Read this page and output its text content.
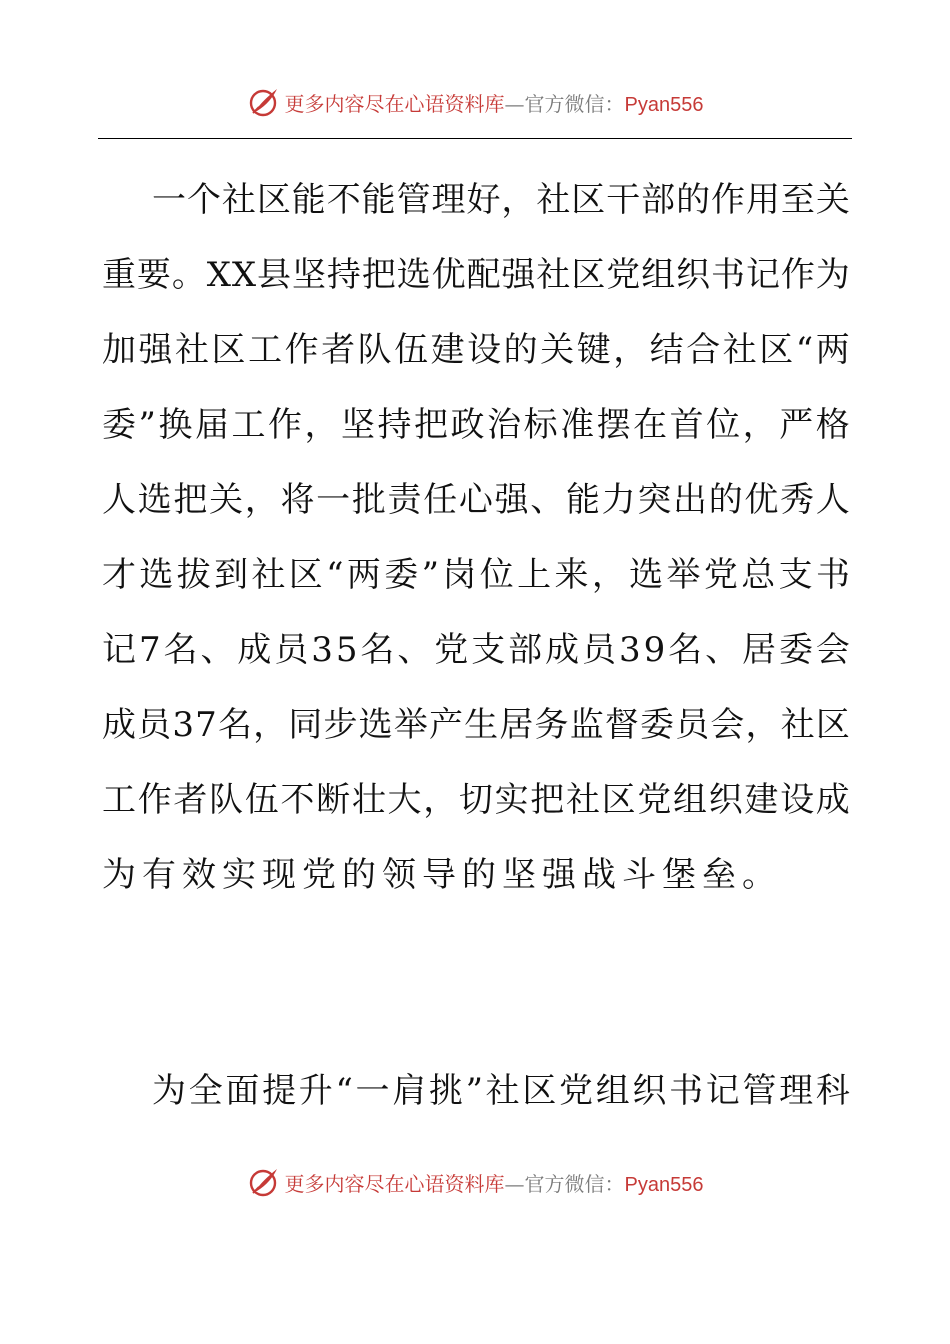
更多内容尽在心语资料库—官方微信：Pyan556
一 个 社 区 能 不 能 管 理 好 ， 社 区 干 部 的 作 用 至 关
重 要 。 X X 县 坚 持 把 选 优 配 强 社 区 党 组 织 书 记 作 为
加 强 社 区 工 作 者 队 伍 建 设 的 关 键 ， 结 合 社 区 “ 两
委 ” 换 届 工 作 ， 坚 持 把 政 治 标 准 摆 在 首 位 ， 严 格
人 选 把 关 ， 将 一 批 责 任 心 强 、 能 力 突 出 的 优 秀 人
才 选 拔 到 社 区 “ 两 委 ” 岗 位 上 来 ， 选 举 党 总 支 书
记 7 名 、 成 员 3 5 名 、 党 支 部 成 员 3 9 名 、 居 委 会
成 员 3 7 名 ， 同 步 选 举 产 生 居 务 监 督 委 员 会 ， 社 区
工 作 者 队 伍 不 断 壮 大 ， 切 实 把 社 区 党 组 织 建 设 成
为有效实现党的领导的坚强战斗堡垒。
为 全 面 提 升 “ 一 肩 挑 ” 社 区 党 组 织 书 记 管 理 科
更多内容尽在心语资料库—官方微信：Pyan556
